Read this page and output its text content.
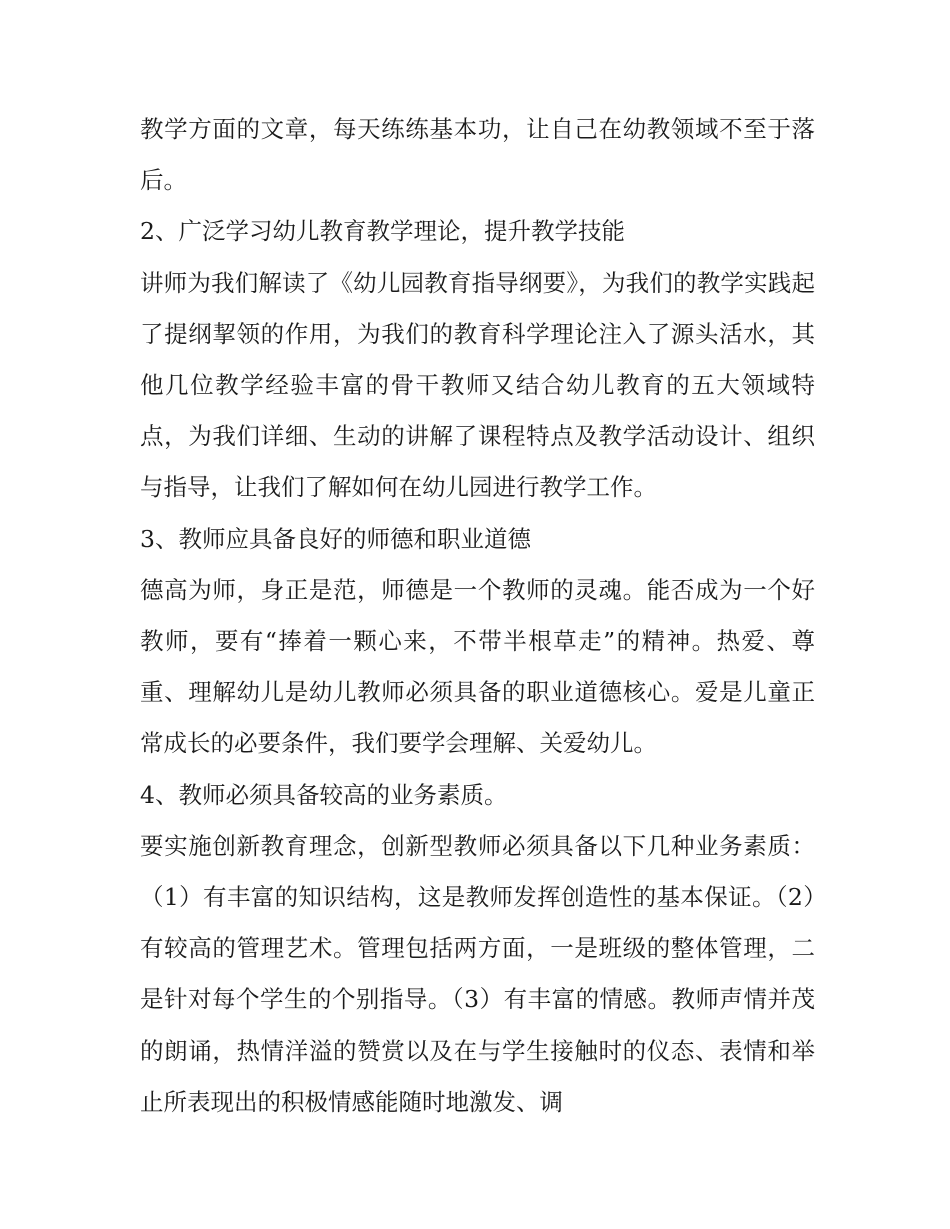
教学方面的文章，每天练练基本功，让自己在幼教领域不至于落后。

2、广泛学习幼儿教育教学理论，提升教学技能

讲师为我们解读了《幼儿园教育指导纲要》，为我们的教学实践起了提纲挈领的作用，为我们的教育科学理论注入了源头活水，其他几位教学经验丰富的骨干教师又结合幼儿教育的五大领域特点，为我们详细、生动的讲解了课程特点及教学活动设计、组织与指导，让我们了解如何在幼儿园进行教学工作。

3、教师应具备良好的师德和职业道德

德高为师，身正是范，师德是一个教师的灵魂。能否成为一个好教师，要有“捧着一颗心来，不带半根草走”的精神。热爱、尊重、理解幼儿是幼儿教师必须具备的职业道德核心。爱是儿童正常成长的必要条件，我们要学会理解、关爱幼儿。

4、教师必须具备较高的业务素质。

要实施创新教育理念，创新型教师必须具备以下几种业务素质：（1）有丰富的知识结构，这是教师发挥创造性的基本保证。（2）有较高的管理艺术。管理包括两方面，一是班级的整体管理，二是针对每个学生的个别指导。（3）有丰富的情感。教师声情并茂的朗诵，热情洋溢的赞赏以及在与学生接触时的仪态、表情和举止所表现出的积极情感能随时地激发、调
